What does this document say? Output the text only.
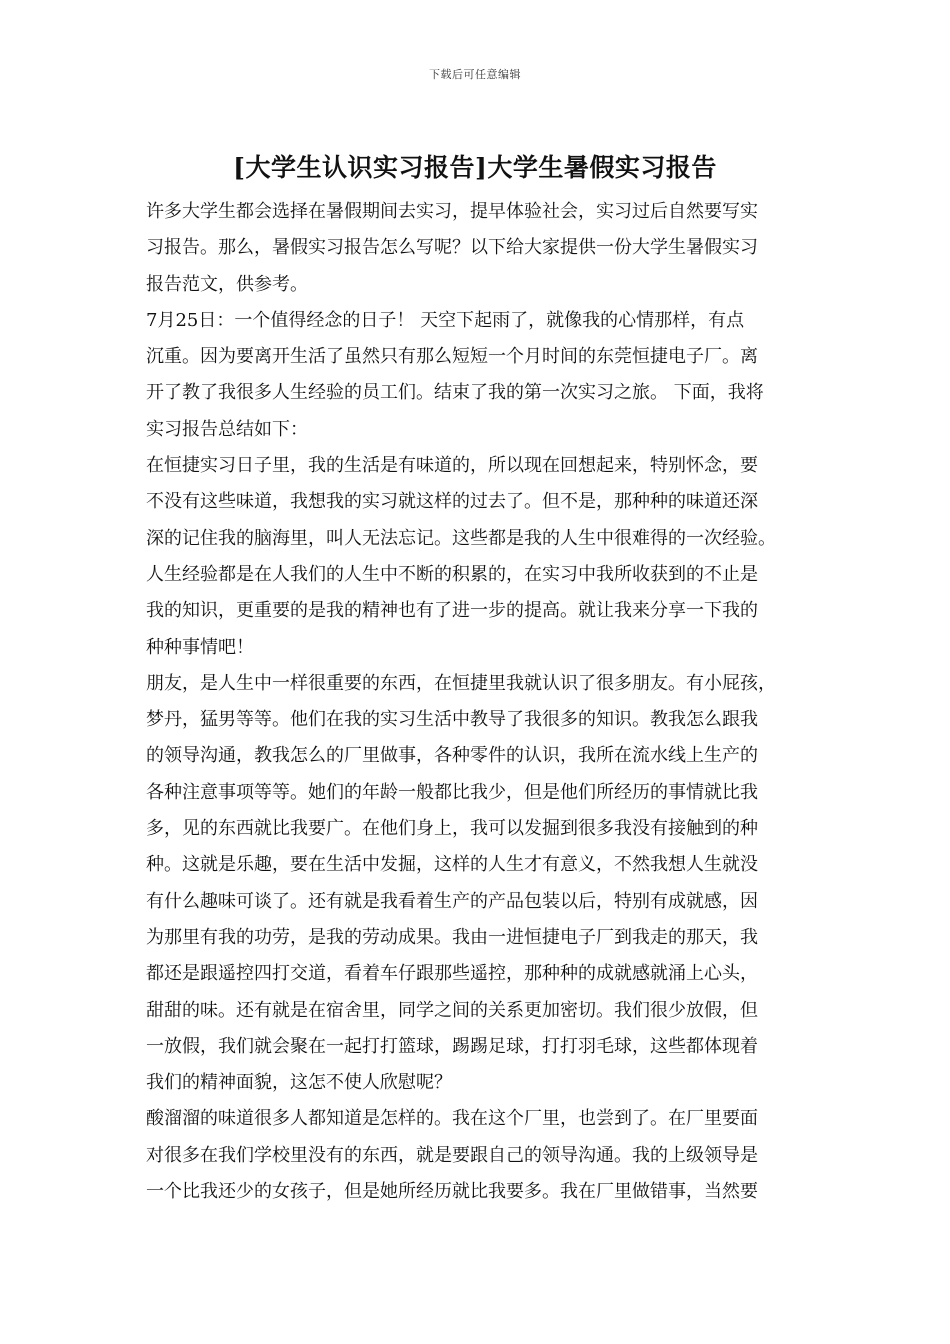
下载后可任意编辑
[大学生认识实习报告]大学生暑假实习报告

许多大学生都会选择在暑假期间去实习，提早体验社会，实习过后自然要写实
习报告。那么，暑假实习报告怎么写呢？以下给大家提供一份大学生暑假实习
报告范文，供参考。

7月25日：一个值得经念的日子！ 天空下起雨了，就像我的心情那样，有点
沉重。因为要离开生活了虽然只有那么短短一个月时间的东莞恒捷电子厂。离
开了教了我很多人生经验的员工们。结束了我的第一次实习之旅。 下面，我将
实习报告总结如下：

在恒捷实习日子里，我的生活是有味道的，所以现在回想起来，特别怀念，要
不没有这些味道，我想我的实习就这样的过去了。但不是，那种种的味道还深
深的记住我的脑海里，叫人无法忘记。这些都是我的人生中很难得的一次经验。
人生经验都是在人我们的人生中不断的积累的，在实习中我所收获到的不止是
我的知识，更重要的是我的精神也有了进一步的提高。就让我来分享一下我的
种种事情吧！

朋友，是人生中一样很重要的东西，在恒捷里我就认识了很多朋友。有小屁孩，
梦丹，猛男等等。他们在我的实习生活中教导了我很多的知识。教我怎么跟我
的领导沟通，教我怎么的厂里做事，各种零件的认识，我所在流水线上生产的
各种注意事项等等。她们的年龄一般都比我少，但是他们所经历的事情就比我
多，见的东西就比我要广。在他们身上，我可以发掘到很多我没有接触到的种
种。这就是乐趣，要在生活中发掘，这样的人生才有意义，不然我想人生就没
有什么趣味可谈了。还有就是我看着生产的产品包装以后，特别有成就感，因
为那里有我的功劳，是我的劳动成果。我由一进恒捷电子厂到我走的那天，我
都还是跟遥控四打交道，看着车仔跟那些遥控，那种种的成就感就涌上心头，
甜甜的味。还有就是在宿舍里，同学之间的关系更加密切。我们很少放假，但
一放假，我们就会聚在一起打打篮球，踢踢足球，打打羽毛球，这些都体现着
我们的精神面貌，这怎不使人欣慰呢？

酸溜溜的味道很多人都知道是怎样的。我在这个厂里，也尝到了。在厂里要面
对很多在我们学校里没有的东西，就是要跟自己的领导沟通。我的上级领导是
一个比我还少的女孩子，但是她所经历就比我要多。我在厂里做错事，当然要
